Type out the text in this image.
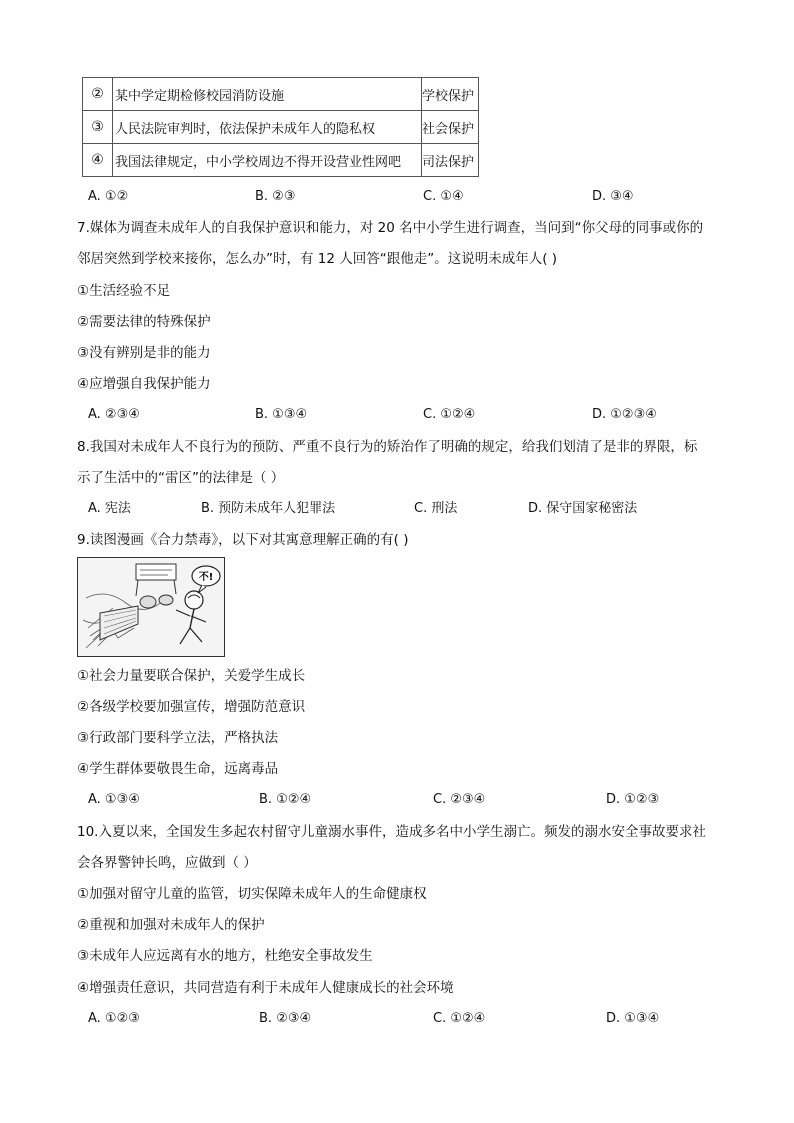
②	某中学定期检修校园消防设施	学校保护
③	人民法院审判时，依法保护未成年人的隐私权	社会保护
④	我国法律规定，中小学校周边不得开设营业性网吧	司法保护
A. ①②	B. ②③	C. ①④	D. ③④
7.媒体为调查未成年人的自我保护意识和能力，对 20 名中小学生进行调查，当问到“你父母的同事或你的
邻居突然到学校来接你，怎么办”时，有 12 人回答“跟他走”。这说明未成年人( )
①生活经验不足
②需要法律的特殊保护
③没有辨别是非的能力
④应增强自我保护能力
A. ②③④	B. ①③④	C. ①②④	D. ①②③④
8.我国对未成年人不良行为的预防、严重不良行为的矫治作了明确的规定，给我们划清了是非的界限，标
示了生活中的“雷区”的法律是（ ）
A. 宪法	B. 预防未成年人犯罪法	C. 刑法	D. 保守国家秘密法
9.读图漫画《合力禁毒》，以下对其寓意理解正确的有( )
不!
①社会力量要联合保护，关爱学生成长
②各级学校要加强宣传，增强防范意识
③行政部门要科学立法，严格执法
④学生群体要敬畏生命，远离毒品
A. ①③④	B. ①②④	C. ②③④	D. ①②③
10.入夏以来，全国发生多起农村留守儿童溺水事件，造成多名中小学生溺亡。频发的溺水安全事故要求社
会各界警钟长鸣，应做到（ ）
①加强对留守儿童的监管，切实保障未成年人的生命健康权
②重视和加强对未成年人的保护
③未成年人应远离有水的地方，杜绝安全事故发生
④增强责任意识，共同营造有利于未成年人健康成长的社会环境
A. ①②③	B. ②③④	C. ①②④	D. ①③④
